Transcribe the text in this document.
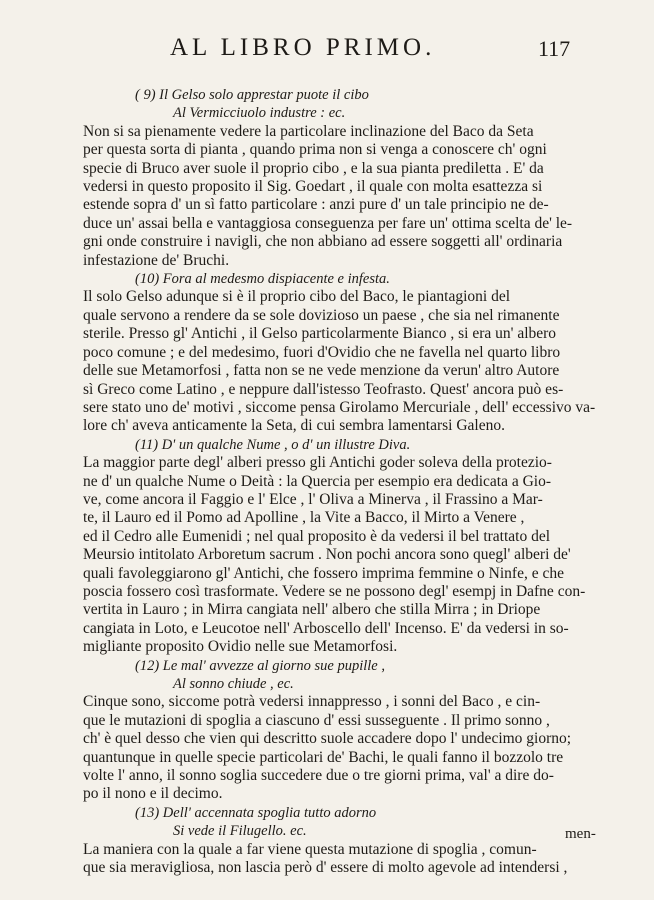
AL LIBRO PRIMO.	117
( 9) Il Gelso solo apprestar puote il cibo
Al Vermicciuolo industre : ec.
Non si sa pienamente vedere la particolare inclinazione del Baco da Seta
per questa sorta di pianta , quando prima non si venga a conoscere ch' ogni
specie di Bruco aver suole il proprio cibo , e la sua pianta prediletta . E' da
vedersi in questo proposito il Sig. Goedart , il quale con molta esattezza si
estende sopra d' un sì fatto particolare : anzi pure d' un tale principio ne de-
duce un' assai bella e vantaggiosa conseguenza per fare un' ottima scelta de' le-
gni onde construire i navigli, che non abbiano ad essere soggetti all' ordinaria
infestazione de' Bruchi.
(10) Fora al medesmo dispiacente e infesta.
Il solo Gelso adunque si è il proprio cibo del Baco, le piantagioni del
quale servono a rendere da se sole dovizioso un paese , che sia nel rimanente
sterile. Presso gl' Antichi , il Gelso particolarmente Bianco , si era un' albero
poco comune ; e del medesimo, fuori d'Ovidio che ne favella nel quarto libro
delle sue Metamorfosi , fatta non se ne vede menzione da verun' altro Autore
sì Greco come Latino , e neppure dall'istesso Teofrasto. Quest' ancora può es-
sere stato uno de' motivi , siccome pensa Girolamo Mercuriale , dell' eccessivo va-
lore ch' aveva anticamente la Seta, di cui sembra lamentarsi Galeno.
(11) D' un qualche Nume , o d' un illustre Diva.
La maggior parte degl' alberi presso gli Antichi goder soleva della protezio-
ne d' un qualche Nume o Deità : la Quercia per esempio era dedicata a Gio-
ve, come ancora il Faggio e l' Elce , l' Oliva a Minerva , il Frassino a Mar-
te, il Lauro ed il Pomo ad Apolline , la Vite a Bacco, il Mirto a Venere ,
ed il Cedro alle Eumenidi ; nel qual proposito è da vedersi il bel trattato del
Meursio intitolato Arboretum sacrum . Non pochi ancora sono quegl' alberi de'
quali favoleggiarono gl' Antichi, che fossero imprima femmine o Ninfe, e che
poscia fossero così trasformate. Vedere se ne possono degl' esempj in Dafne con-
vertita in Lauro ; in Mirra cangiata nell' albero che stilla Mirra ; in Driope
cangiata in Loto, e Leucotoe nell' Arboscello dell' Incenso. E' da vedersi in so-
migliante proposito Ovidio nelle sue Metamorfosi.
(12) Le mal' avvezze al giorno sue pupille ,
Al sonno chiude , ec.
Cinque sono, siccome potrà vedersi innappresso , i sonni del Baco , e cin-
que le mutazioni di spoglia a ciascuno d' essi susseguente . Il primo sonno ,
ch' è quel desso che vien qui descritto suole accadere dopo l' undecimo giorno;
quantunque in quelle specie particolari de' Bachi, le quali fanno il bozzolo tre
volte l' anno, il sonno soglia succedere due o tre giorni prima, val' a dire do-
po il nono e il decimo.
(13) Dell' accennata spoglia tutto adorno
Si vede il Filugello. ec.
La maniera con la quale a far viene questa mutazione di spoglia , comun-
que sia meravigliosa, non lascia però d' essere di molto agevole ad intendersi ,
men-
